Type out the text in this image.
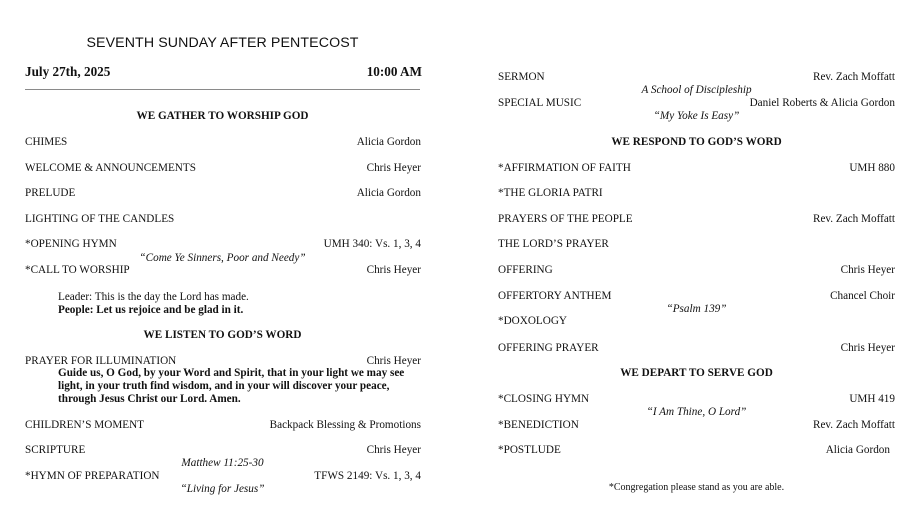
SEVENTH SUNDAY AFTER PENTECOST
July 27th, 2025	10:00 AM
WE GATHER TO WORSHIP GOD
CHIMES	Alicia Gordon
WELCOME & ANNOUNCEMENTS	Chris Heyer
PRELUDE	Alicia Gordon
LIGHTING OF THE CANDLES
*OPENING HYMN	UMH 340: Vs. 1, 3, 4
“Come Ye Sinners, Poor and Needy”
*CALL TO WORSHIP	Chris Heyer
Leader: This is the day the Lord has made.
People: Let us rejoice and be glad in it.
WE LISTEN TO GOD’S WORD
PRAYER FOR ILLUMINATION	Chris Heyer
Guide us, O God, by your Word and Spirit, that in your light we may see
light, in your truth find wisdom, and in your will discover your peace,
through Jesus Christ our Lord. Amen.
CHILDREN’S MOMENT	Backpack Blessing & Promotions
SCRIPTURE	Chris Heyer
Matthew 11:25-30
*HYMN OF PREPARATION	TFWS 2149: Vs. 1, 3, 4
“Living for Jesus”
SERMON	Rev. Zach Moffatt
A School of Discipleship
SPECIAL MUSIC	Daniel Roberts & Alicia Gordon
“My Yoke Is Easy”
WE RESPOND TO GOD’S WORD
*AFFIRMATION OF FAITH	UMH 880
*THE GLORIA PATRI
PRAYERS OF THE PEOPLE	Rev. Zach Moffatt
THE LORD’S PRAYER
OFFERING	Chris Heyer
OFFERTORY ANTHEM	Chancel Choir
“Psalm 139”
*DOXOLOGY
OFFERING PRAYER	Chris Heyer
WE DEPART TO SERVE GOD
*CLOSING HYMN	UMH 419
“I Am Thine, O Lord”
*BENEDICTION	Rev. Zach Moffatt
*POSTLUDE	Alicia Gordon
*Congregation please stand as you are able.
